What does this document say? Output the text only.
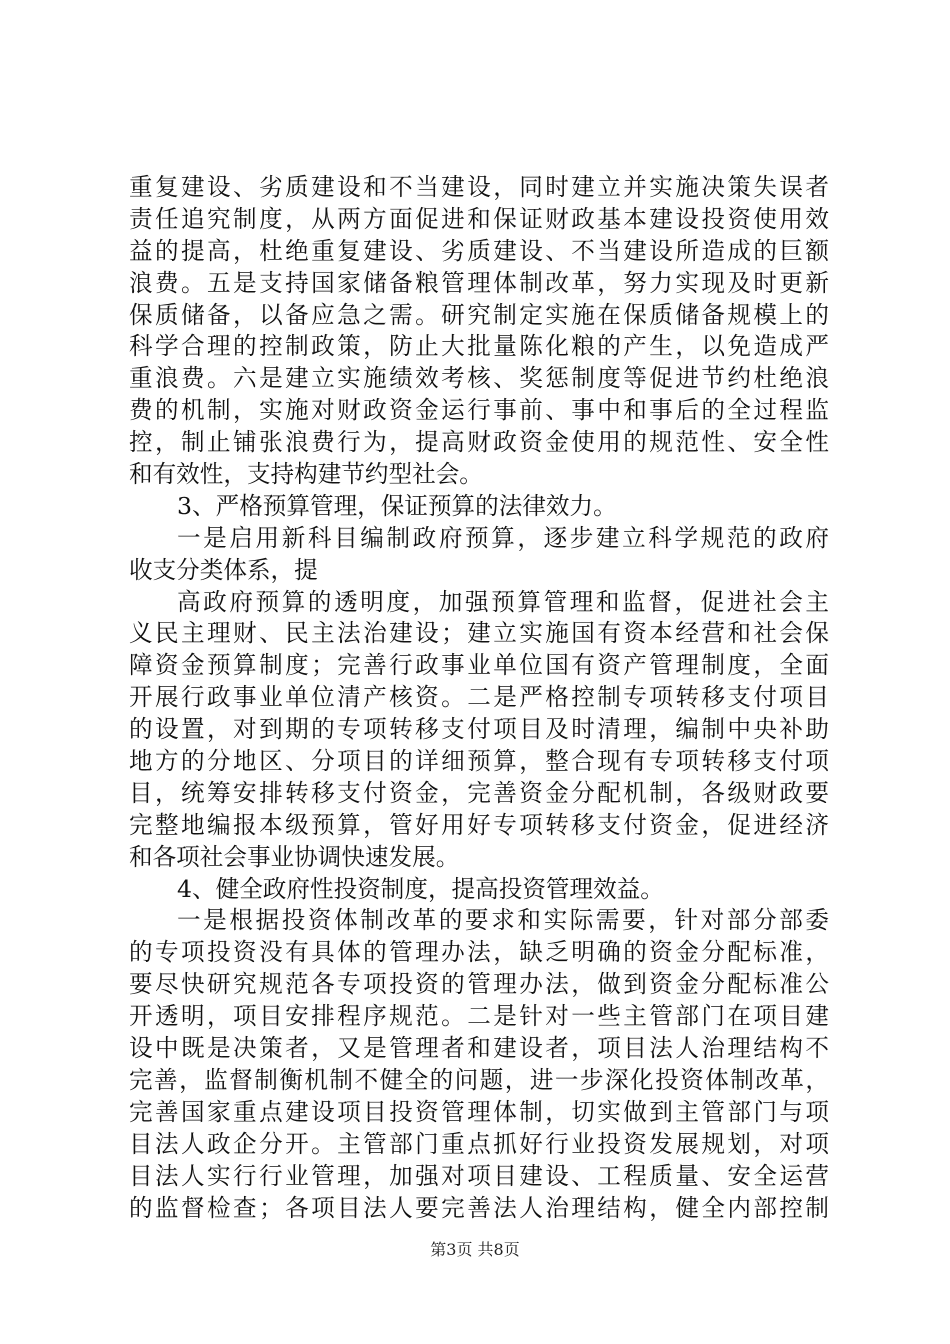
重复建设、劣质建设和不当建设，同时建立并实施决策失误者
责任追究制度，从两方面促进和保证财政基本建设投资使用效
益的提高，杜绝重复建设、劣质建设、不当建设所造成的巨额
浪费。五是支持国家储备粮管理体制改革，努力实现及时更新
保质储备，以备应急之需。研究制定实施在保质储备规模上的
科学合理的控制政策，防止大批量陈化粮的产生，以免造成严
重浪费。六是建立实施绩效考核、奖惩制度等促进节约杜绝浪
费的机制，实施对财政资金运行事前、事中和事后的全过程监
控，制止铺张浪费行为，提高财政资金使用的规范性、安全性
和有效性，支持构建节约型社会。
3、严格预算管理，保证预算的法律效力。
一是启用新科目编制政府预算，逐步建立科学规范的政府
收支分类体系，提
高政府预算的透明度，加强预算管理和监督，促进社会主
义民主理财、民主法治建设；建立实施国有资本经营和社会保
障资金预算制度；完善行政事业单位国有资产管理制度，全面
开展行政事业单位清产核资。二是严格控制专项转移支付项目
的设置，对到期的专项转移支付项目及时清理，编制中央补助
地方的分地区、分项目的详细预算，整合现有专项转移支付项
目，统筹安排转移支付资金，完善资金分配机制，各级财政要
完整地编报本级预算，管好用好专项转移支付资金，促进经济
和各项社会事业协调快速发展。
4、健全政府性投资制度，提高投资管理效益。
一是根据投资体制改革的要求和实际需要，针对部分部委
的专项投资没有具体的管理办法，缺乏明确的资金分配标准，
要尽快研究规范各专项投资的管理办法，做到资金分配标准公
开透明，项目安排程序规范。二是针对一些主管部门在项目建
设中既是决策者，又是管理者和建设者，项目法人治理结构不
完善，监督制衡机制不健全的问题，进一步深化投资体制改革，
完善国家重点建设项目投资管理体制，切实做到主管部门与项
目法人政企分开。主管部门重点抓好行业投资发展规划，对项
目法人实行行业管理，加强对项目建设、工程质量、安全运营
的监督检查；各项目法人要完善法人治理结构，健全内部控制
第3页 共8页
